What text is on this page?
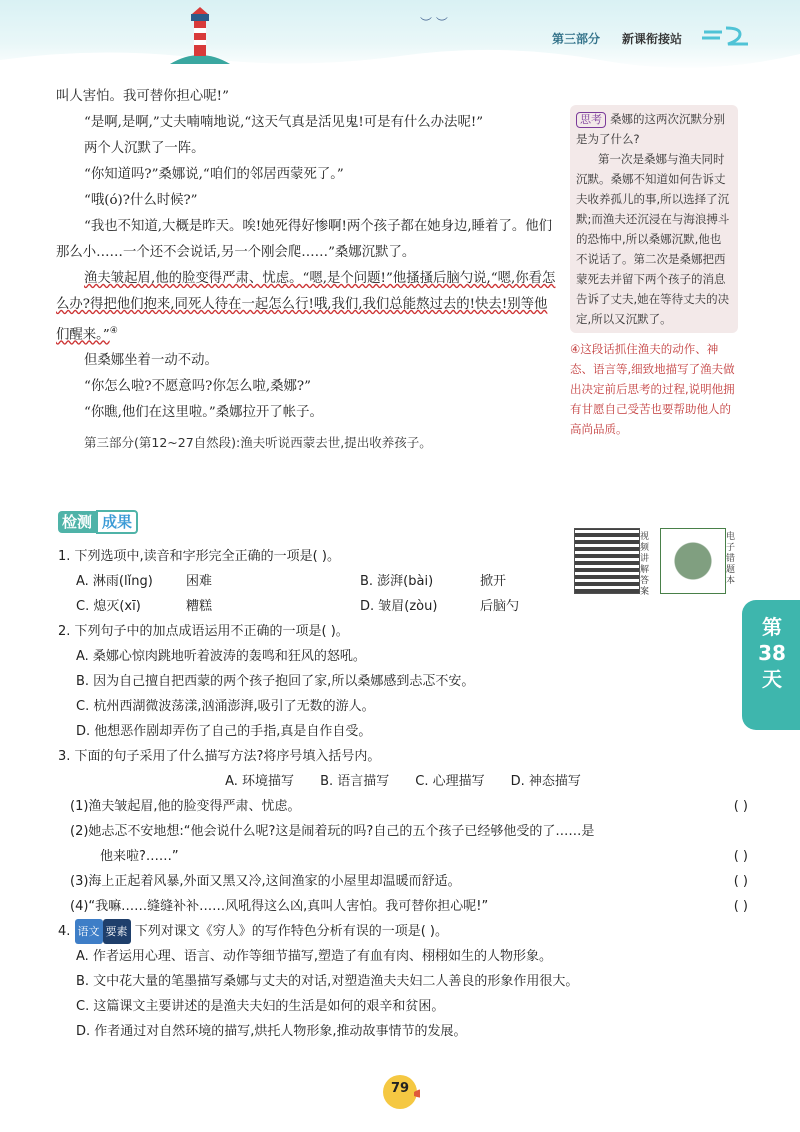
︶ ︶
第三部分 新课衔接站

叫人害怕。我可替你担心呢!”

“是啊,是啊,”丈夫喃喃地说,“这天气真是活见鬼!可是有什么办法呢!”

两个人沉默了一阵。

“你知道吗?”桑娜说,“咱们的邻居西蒙死了。”

“哦(ó)?什么时候?”

“我也不知道,大概是昨天。唉!她死得好惨啊!两个孩子都在她身边,睡着了。他们那么小……一个还不会说话,另一个刚会爬……”桑娜沉默了。

渔夫皱起眉,他的脸变得严肃、忧虑。“嗯,是个问题!”他搔搔后脑勺说,“嗯,你看怎么办?得把他们抱来,同死人待在一起怎么行!哦,我们,我们总能熬过去的!快去!别等他们醒来。”④

但桑娜坐着一动不动。

“你怎么啦?不愿意吗?你怎么啦,桑娜?”

“你瞧,他们在这里啦。”桑娜拉开了帐子。

第三部分(第12~27自然段):渔夫听说西蒙去世,提出收养孩子。

思考 桑娜的这两次沉默分别是为了什么?
第一次是桑娜与渔夫同时沉默。桑娜不知道如何告诉丈夫收养孤儿的事,所以选择了沉默;而渔夫还沉浸在与海浪搏斗的恐怖中,所以桑娜沉默,他也不说话了。第二次是桑娜把西蒙死去并留下两个孩子的消息告诉了丈夫,她在等待丈夫的决定,所以又沉默了。
④这段话抓住渔夫的动作、神态、语言等,细致地描写了渔夫做出决定前后思考的过程,说明他拥有甘愿自己受苦也要帮助他人的高尚品质。
视频讲解答案
电子错题本
第38天
检测 成果

1. 下列选项中,读音和字形完全正确的一项是( )。

A. 淋雨(lǐng)	困难	B. 澎湃(bài)	掀开
C. 熄灭(xī)	糟糕	D. 皱眉(zòu)	后脑勺

2. 下列句子中的加点成语运用不正确的一项是( )。

A. 桑娜心惊肉跳地听着波涛的轰鸣和狂风的怒吼。
B. 因为自己擅自把西蒙的两个孩子抱回了家,所以桑娜感到忐忑不安。
C. 杭州西湖微波荡漾,汹涌澎湃,吸引了无数的游人。
D. 他想恶作剧却弄伤了自己的手指,真是自作自受。

3. 下面的句子采用了什么描写方法?将序号填入括号内。

A. 环境描写 B. 语言描写 C. 心理描写 D. 神态描写
(1)渔夫皱起眉,他的脸变得严肃、忧虑。	( )
(2)她忐忑不安地想:“他会说什么呢?这是闹着玩的吗?自己的五个孩子已经够他受的了……是
他来啦?……”	( )
(3)海上正起着风暴,外面又黑又冷,这间渔家的小屋里却温暖而舒适。	( )
(4)“我嘛……缝缝补补……风吼得这么凶,真叫人害怕。我可替你担心呢!”	( )

4. 语文 要素 下列对课文《穷人》的写作特色分析有误的一项是( )。

A. 作者运用心理、语言、动作等细节描写,塑造了有血有肉、栩栩如生的人物形象。
B. 文中花大量的笔墨描写桑娜与丈夫的对话,对塑造渔夫夫妇二人善良的形象作用很大。
C. 这篇课文主要讲述的是渔夫夫妇的生活是如何的艰辛和贫困。
D. 作者通过对自然环境的描写,烘托人物形象,推动故事情节的发展。
79
